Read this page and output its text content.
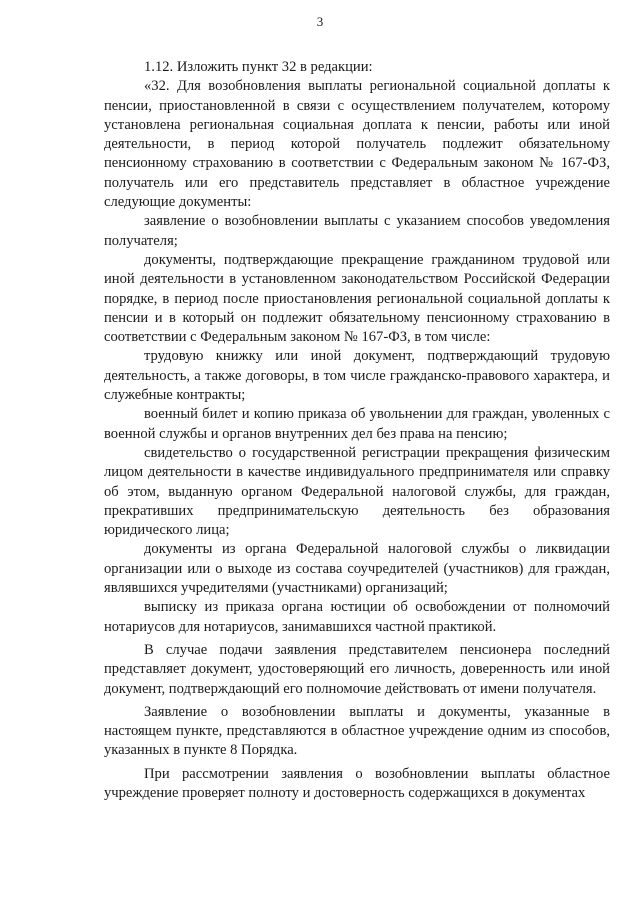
3

1.12. Изложить пункт 32 в редакции:

«32. Для возобновления выплаты региональной социальной доплаты к пенсии, приостановленной в связи с осуществлением получателем, которому установлена региональная социальная доплата к пенсии, работы или иной деятельности, в период которой получатель подлежит обязательному пенсионному страхованию в соответствии с Федеральным законом № 167-ФЗ, получатель или его представитель представляет в областное учреждение следующие документы:

заявление о возобновлении выплаты с указанием способов уведомления получателя;

документы, подтверждающие прекращение гражданином трудовой или иной деятельности в установленном законодательством Российской Федерации порядке, в период после приостановления региональной социальной доплаты к пенсии и в который он подлежит обязательному пенсионному страхованию в соответствии с Федеральным законом № 167-ФЗ, в том числе:

трудовую книжку или иной документ, подтверждающий трудовую деятельность, а также договоры, в том числе гражданско-правового характера, и служебные контракты;

военный билет и копию приказа об увольнении для граждан, уволенных с военной службы и органов внутренних дел без права на пенсию;

свидетельство о государственной регистрации прекращения физическим лицом деятельности в качестве индивидуального предпринимателя или справку об этом, выданную органом Федеральной налоговой службы, для граждан, прекративших предпринимательскую деятельность без образования юридического лица;

документы из органа Федеральной налоговой службы о ликвидации организации или о выходе из состава соучредителей (участников) для граждан, являвшихся учредителями (участниками) организаций;

выписку из приказа органа юстиции об освобождении от полномочий нотариусов для нотариусов, занимавшихся частной практикой.

В случае подачи заявления представителем пенсионера последний представляет документ, удостоверяющий его личность, доверенность или иной документ, подтверждающий его полномочие действовать от имени получателя.

Заявление о возобновлении выплаты и документы, указанные в настоящем пункте, представляются в областное учреждение одним из способов, указанных в пункте 8 Порядка.

При рассмотрении заявления о возобновлении выплаты областное учреждение проверяет полноту и достоверность содержащихся в документах
